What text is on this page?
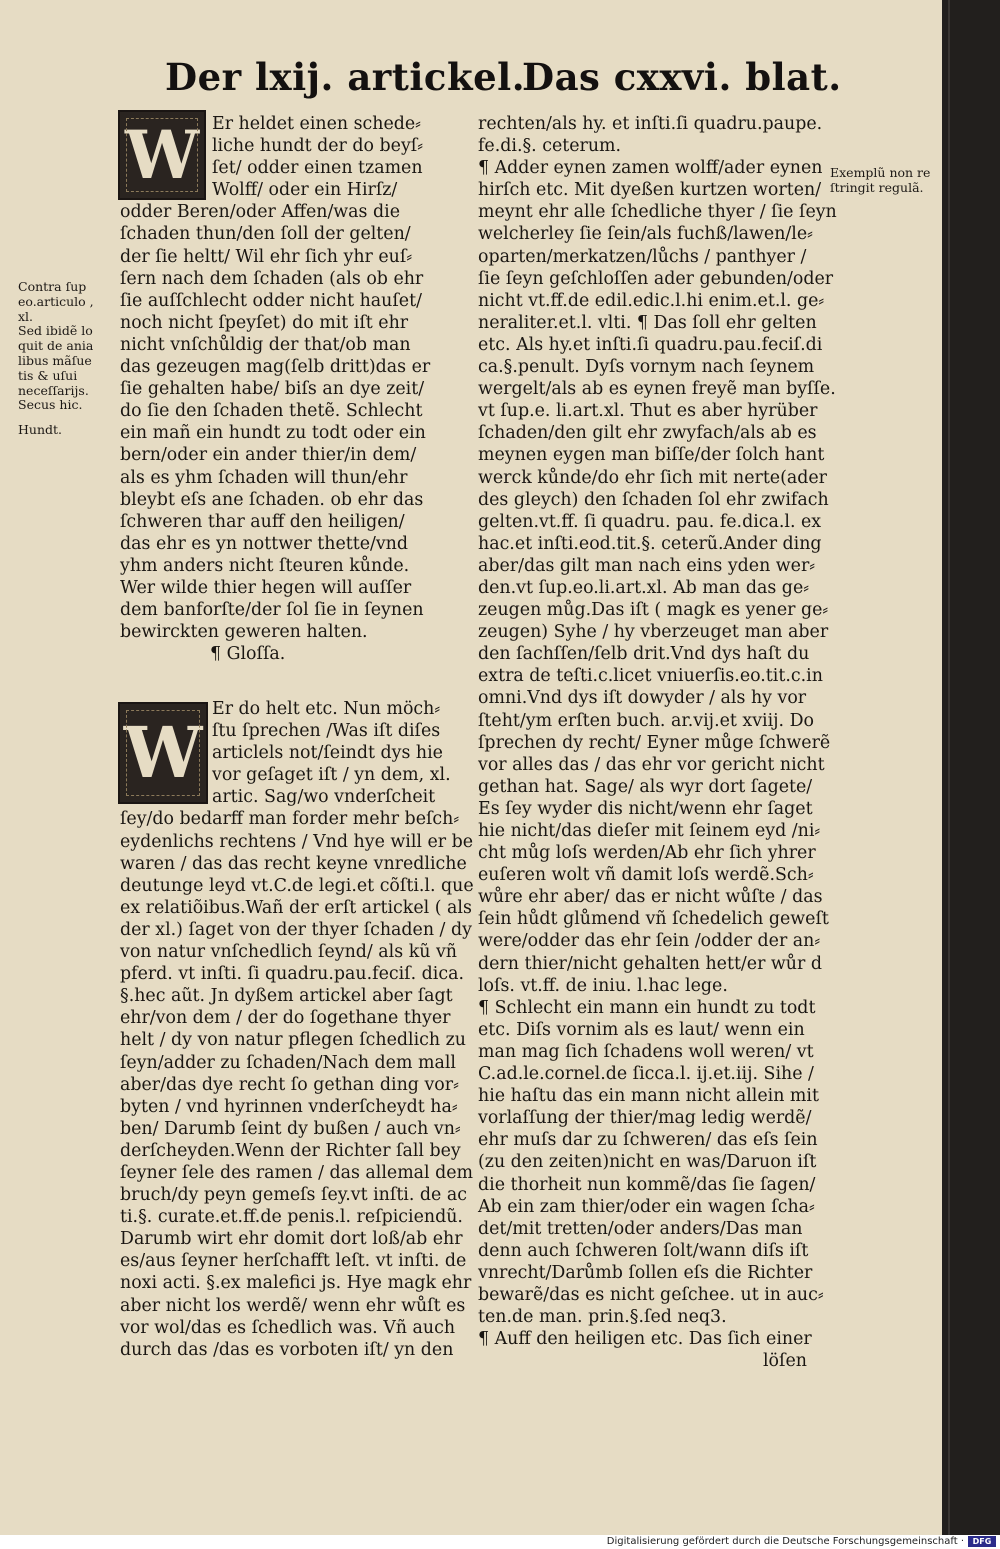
Der lxij. artickel.
Das cxxvi. blat.
W
W
Er heldet einen schede⸗
liche hundt der do beyſ⸗
ſet/ odder einen tzamen
Wolff/ oder ein Hirſz/
odder Beren/oder Affen/was die
ſchaden thun/den ſoll der gelten/
der ſie heltt/ Wil ehr ſich yhr euſ⸗
ſern nach dem ſchaden (als ob ehr
ſie auſſchlecht odder nicht hauſet/
noch nicht ſpeyſet) do mit iſt ehr
nicht vnſchůldig der that/ob man
das gezeugen mag(ſelb dritt)das er
ſie gehalten habe/ biſs an dye zeit/
do ſie den ſchaden thetẽ. Schlecht
ein mañ ein hundt zu todt oder ein
bern/oder ein ander thier/in dem/
als es yhm ſchaden will thun/ehr
bleybt eſs ane ſchaden. ob ehr das
ſchweren thar auff den heiligen/
das ehr es yn nottwer thette/vnd
yhm anders nicht ſteuren kůnde.
Wer wilde thier hegen will auſſer
dem banforſte/der ſol ſie in ſeynen
bewirckten geweren halten.
¶ Gloſſa.
Er do helt etc. Nun möch⸗
ſtu ſprechen /Was iſt diſes
articlels not/ſeindt dys hie
vor geſaget iſt / yn dem, xl.
artic. Sag/wo vnderſcheit
ſey/do bedarff man forder mehr beſch⸗
eydenlichs rechtens / Vnd hye will er be
waren / das das recht keyne vnredliche
deutunge leyd vt.C.de legi.et cõſti.l. que
ex relatiõibus.Wañ der erſt artickel ( als
der xl.) ſaget von der thyer ſchaden / dy
von natur vnſchedlich ſeynd/ als kũ vñ
pferd. vt inſti. ſi quadru.pau.feciſ. dica.
§.hec aũt. Jn dyßem artickel aber ſagt
ehr/von dem / der do ſogethane thyer
helt / dy von natur pflegen ſchedlich zu
ſeyn/adder zu ſchaden/Nach dem mall
aber/das dye recht ſo gethan ding vor⸗
byten / vnd hyrinnen vnderſcheydt ha⸗
ben/ Darumb ſeint dy bußen / auch vn⸗
derſcheyden.Wenn der Richter ſall bey
ſeyner ſele des ramen / das allemal dem
bruch/dy peyn gemeſs ſey.vt inſti. de ac
ti.§. curate.et.ff.de penis.l. reſpiciendũ.
Darumb wirt ehr domit dort loß/ab ehr
es/aus ſeyner herſchafft leſt. vt inſti. de
noxi acti. §.ex malefici js. Hye magk ehr
aber nicht los werdẽ/ wenn ehr wůſt es
vor wol/das es ſchedlich was. Vñ auch
durch das /das es vorboten iſt/ yn den
rechten/als hy. et inſti.ſi quadru.paupe.
fe.di.§. ceterum.
¶ Adder eynen zamen wolff/ader eynen
hirſch etc. Mit dyeßen kurtzen worten/
meynt ehr alle ſchedliche thyer / ſie ſeyn
welcherley ſie ſein/als fuchß/lawen/le⸗
oparten/merkatzen/lůchs / panthyer /
ſie ſeyn geſchloſſen ader gebunden/oder
nicht vt.ff.de edil.edic.l.hi enim.et.l. ge⸗
neraliter.et.l. vlti. ¶ Das ſoll ehr gelten
etc. Als hy.et inſti.ſi quadru.pau.feciſ.di
ca.§.penult. Dyſs vornym nach ſeynem
wergelt/als ab es eynen freyẽ man byſſe.
vt ſup.e. li.art.xl. Thut es aber hyrüber
ſchaden/den gilt ehr zwyfach/als ab es
meynen eygen man biſſe/der ſolch hant
werck kůnde/do ehr ſich mit nerte(ader
des gleych) den ſchaden ſol ehr zwifach
gelten.vt.ff. ſi quadru. pau. fe.dica.l. ex
hac.et inſti.eod.tit.§. ceterũ.Ander ding
aber/das gilt man nach eins yden wer⸗
den.vt ſup.eo.li.art.xl. Ab man das ge⸗
zeugen můg.Das iſt ( magk es yener ge⸗
zeugen) Syhe / hy vberzeuget man aber
den ſachſſen/ſelb drit.Vnd dys haſt du
extra de teſti.c.licet vniuerſis.eo.tit.c.in
omni.Vnd dys iſt dowyder / als hy vor
ſteht/ym erſten buch. ar.vij.et xviij. Do
ſprechen dy recht/ Eyner můge ſchwerẽ
vor alles das / das ehr vor gericht nicht
gethan hat. Sage/ als wyr dort ſagete/
Es ſey wyder dis nicht/wenn ehr ſaget
hie nicht/das dieſer mit ſeinem eyd /ni⸗
cht můg loſs werden/Ab ehr ſich yhrer
euſeren wolt vñ damit loſs werdẽ.Sch⸗
wůre ehr aber/ das er nicht wůſte / das
ſein hůdt glůmend vñ ſchedelich geweſt
were/odder das ehr ſein /odder der an⸗
dern thier/nicht gehalten hett/er wůr d
loſs. vt.ff. de iniu. l.hac lege.
¶ Schlecht ein mann ein hundt zu todt
etc. Diſs vornim als es laut/ wenn ein
man mag ſich ſchadens woll weren/ vt
C.ad.le.cornel.de ſicca.l. ij.et.iij. Sihe /
hie haſtu das ein mann nicht allein mit
vorlaſſung der thier/mag ledig werdẽ/
ehr muſs dar zu ſchweren/ das eſs ſein
(zu den zeiten)nicht en was/Daruon iſt
die thorheit nun kommẽ/das ſie ſagen/
Ab ein zam thier/oder ein wagen ſcha⸗
det/mit tretten/oder anders/Das man
denn auch ſchweren ſolt/wann diſs iſt
vnrecht/Darůmb ſollen eſs die Richter
bewarẽ/das es nicht geſchee. ut in auc⸗
ten.de man. prin.§.ſed neq3.
¶ Auff den heiligen etc. Das ſich einer
löſen
Contra ſup
eo.articulo ,
xl.
Sed ibidẽ lo
quit de ania
libus mãſue
tis & uſui
neceſſarijs.
Secus hic.
Hundt.
Exemplũ non re
ſtringit regulã.
Digitalisierung gefördert durch die Deutsche Forschungsgemeinschaft ·	DFG
